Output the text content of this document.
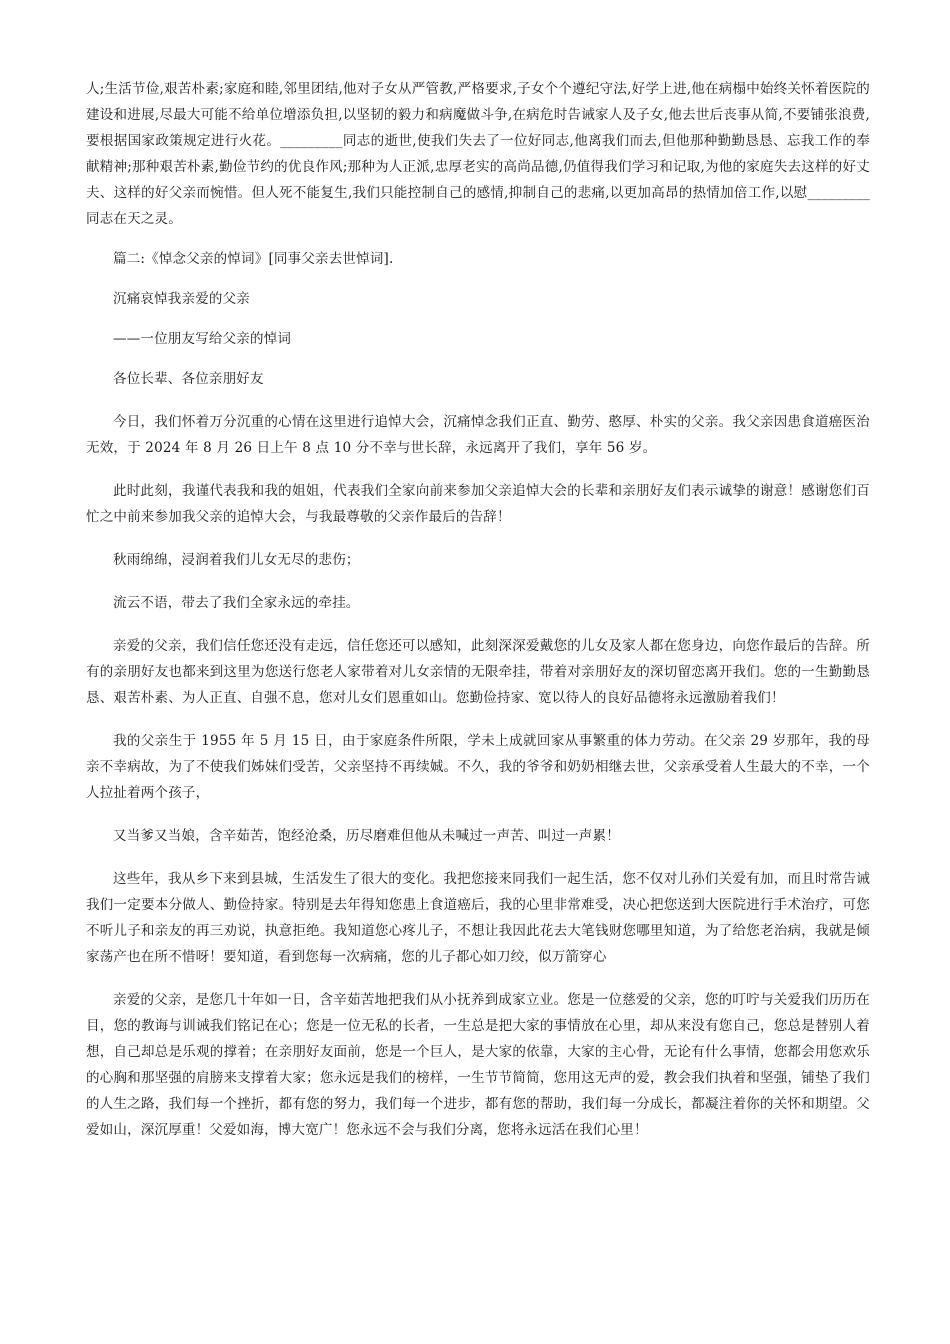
人;生活节俭,艰苦朴素;家庭和睦,邻里团结,他对子女从严管教,严格要求,子女个个遵纪守法,好学上进,他在病榻中始终关怀着医院的建设和进展,尽最大可能不给单位增添负担,以坚韧的毅力和病魔做斗争,在病危时告诫家人及子女,他去世后丧事从简,不要铺张浪费,要根据国家政策规定进行火花。_________同志的逝世,使我们失去了一位好同志,他离我们而去,但他那种勤勤恳恳、忘我工作的奉献精神;那种艰苦朴素,勤俭节约的优良作风;那种为人正派,忠厚老实的高尚品德,仍值得我们学习和记取,为他的家庭失去这样的好丈夫、这样的好父亲而惋惜。但人死不能复生,我们只能控制自己的感情,抑制自己的悲痛,以更加高昂的热情加倍工作,以慰_________同志在天之灵。

篇二:《悼念父亲的悼词》[同事父亲去世悼词].

沉痛哀悼我亲爱的父亲

——一位朋友写给父亲的悼词

各位长辈、各位亲朋好友

今日，我们怀着万分沉重的心情在这里进行追悼大会，沉痛悼念我们正直、勤劳、憨厚、朴实的父亲。我父亲因患食道癌医治无效，于 2024 年 8 月 26 日上午 8 点 10 分不幸与世长辞，永远离开了我们，享年 56 岁。

此时此刻，我谨代表我和我的姐姐，代表我们全家向前来参加父亲追悼大会的长辈和亲朋好友们表示诚挚的谢意！感谢您们百忙之中前来参加我父亲的追悼大会，与我最尊敬的父亲作最后的告辞！

秋雨绵绵，浸润着我们儿女无尽的悲伤；

流云不语，带去了我们全家永远的牵挂。

亲爱的父亲，我们信任您还没有走远，信任您还可以感知，此刻深深爱戴您的儿女及家人都在您身边，向您作最后的告辞。所有的亲朋好友也都来到这里为您送行您老人家带着对儿女亲情的无限牵挂，带着对亲朋好友的深切留恋离开我们。您的一生勤勤恳恳、艰苦朴素、为人正直、自强不息，您对儿女们恩重如山。您勤俭持家、宽以待人的良好品德将永远激励着我们！

我的父亲生于 1955 年 5 月 15 日，由于家庭条件所限，学未上成就回家从事繁重的体力劳动。在父亲 29 岁那年，我的母亲不幸病故，为了不使我们姊妹们受苦，父亲坚持不再续娍。不久，我的爷爷和奶奶相继去世，父亲承受着人生最大的不幸，一个人拉扯着两个孩子，

又当爹又当娘，含辛茹苦，饱经沧桑，历尽磨难但他从未喊过一声苦、叫过一声累！

这些年，我从乡下来到县城，生活发生了很大的变化。我把您接来同我们一起生活，您不仅对儿孙们关爱有加，而且时常告诫我们一定要本分做人、勤俭持家。特别是去年得知您患上食道癌后，我的心里非常难受，决心把您送到大医院进行手术治疗，可您不听儿子和亲友的再三劝说，执意拒绝。我知道您心疼儿子，不想让我因此花去大笔钱财您哪里知道，为了给您老治病，我就是倾家荡产也在所不惜呀！要知道，看到您每一次病痛，您的儿子都心如刀绞，似万箭穿心

亲爱的父亲，是您几十年如一日，含辛茹苦地把我们从小抚养到成家立业。您是一位慈爱的父亲，您的叮咛与关爱我们历历在目，您的教诲与训诫我们铭记在心；您是一位无私的长者，一生总是把大家的事情放在心里，却从来没有您自己，您总是替别人着想，自己却总是乐观的撑着；在亲朋好友面前，您是一个巨人，是大家的依靠，大家的主心骨，无论有什么事情，您都会用您欢乐的心胸和那坚强的肩膀来支撑着大家；您永远是我们的榜样，一生节节简简，您用这无声的爱，教会我们执着和坚强，铺垫了我们的人生之路，我们每一个挫折，都有您的努力，我们每一个进步，都有您的帮助，我们每一分成长，都凝注着你的关怀和期望。父爱如山，深沉厚重！父爱如海，博大宽广！您永远不会与我们分离，您将永远活在我们心里！
